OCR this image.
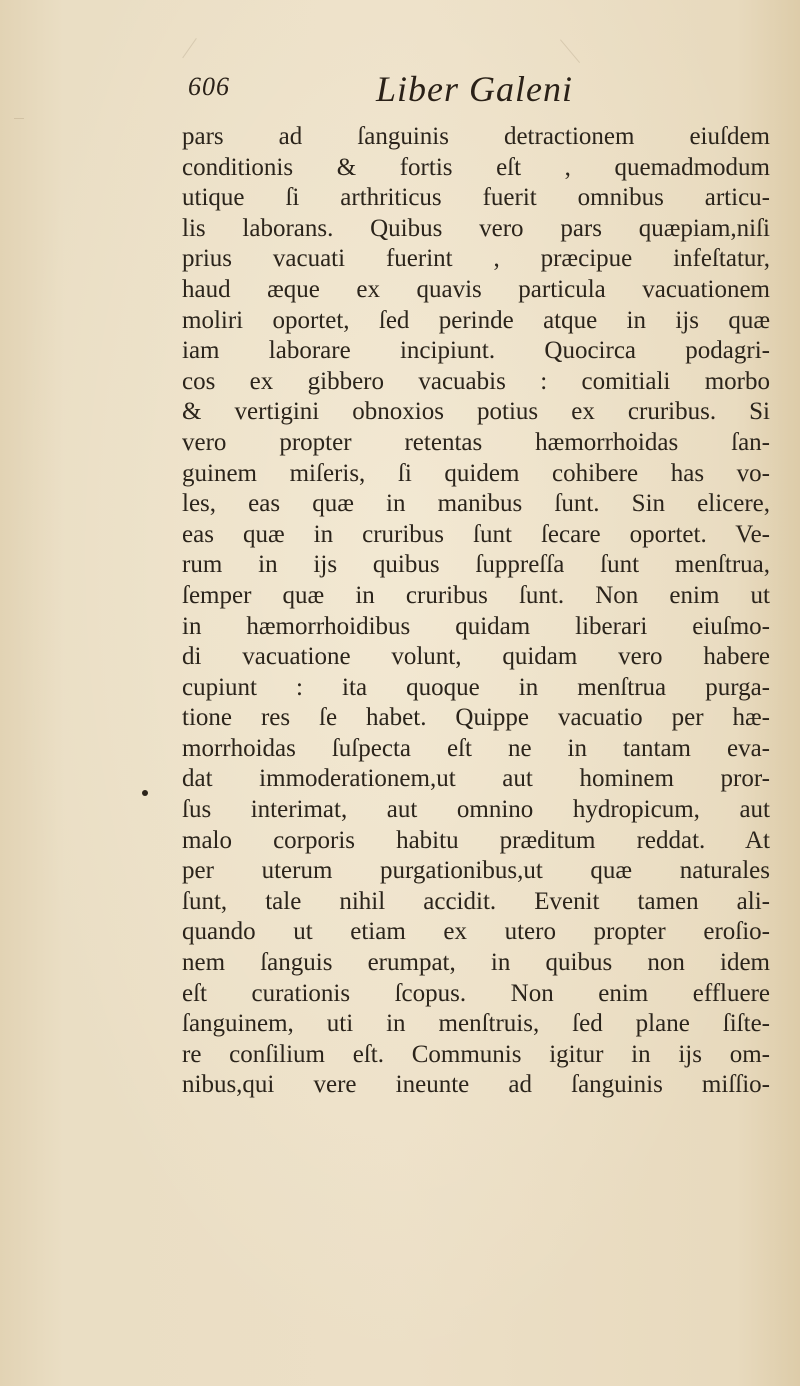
606	Liber Galeni
pars ad ſanguinis detractionem eiuſdem
conditionis & fortis eſt , quemadmodum
utique ſi arthriticus fuerit omnibus articu-
lis laborans. Quibus vero pars quæpiam,niſi
prius vacuati fuerint , præcipue infeſtatur,
haud æque ex quavis particula vacuationem
moliri oportet, ſed perinde atque in ijs quæ
iam laborare incipiunt. Quocirca podagri-
cos ex gibbero vacuabis : comitiali morbo
& vertigini obnoxios potius ex cruribus. Si
vero propter retentas hæmorrhoidas ſan-
guinem miſeris, ſi quidem cohibere has vo-
les, eas quæ in manibus ſunt. Sin elicere,
eas quæ in cruribus ſunt ſecare oportet. Ve-
rum in ijs quibus ſuppreſſa ſunt menſtrua,
ſemper quæ in cruribus ſunt. Non enim ut
in hæmorrhoidibus quidam liberari eiuſmo-
di vacuatione volunt, quidam vero habere
cupiunt : ita quoque in menſtrua purga-
tione res ſe habet. Quippe vacuatio per hæ-
morrhoidas ſuſpecta eſt ne in tantam eva-
dat immoderationem,ut aut hominem pror-
ſus interimat, aut omnino hydropicum, aut
malo corporis habitu præditum reddat. At
per uterum purgationibus,ut quæ naturales
ſunt, tale nihil accidit. Evenit tamen ali-
quando ut etiam ex utero propter eroſio-
nem ſanguis erumpat, in quibus non idem
eſt curationis ſcopus. Non enim effluere
ſanguinem, uti in menſtruis, ſed plane ſiſte-
re conſilium eſt. Communis igitur in ijs om-
nibus,qui vere ineunte ad ſanguinis miſſio-
